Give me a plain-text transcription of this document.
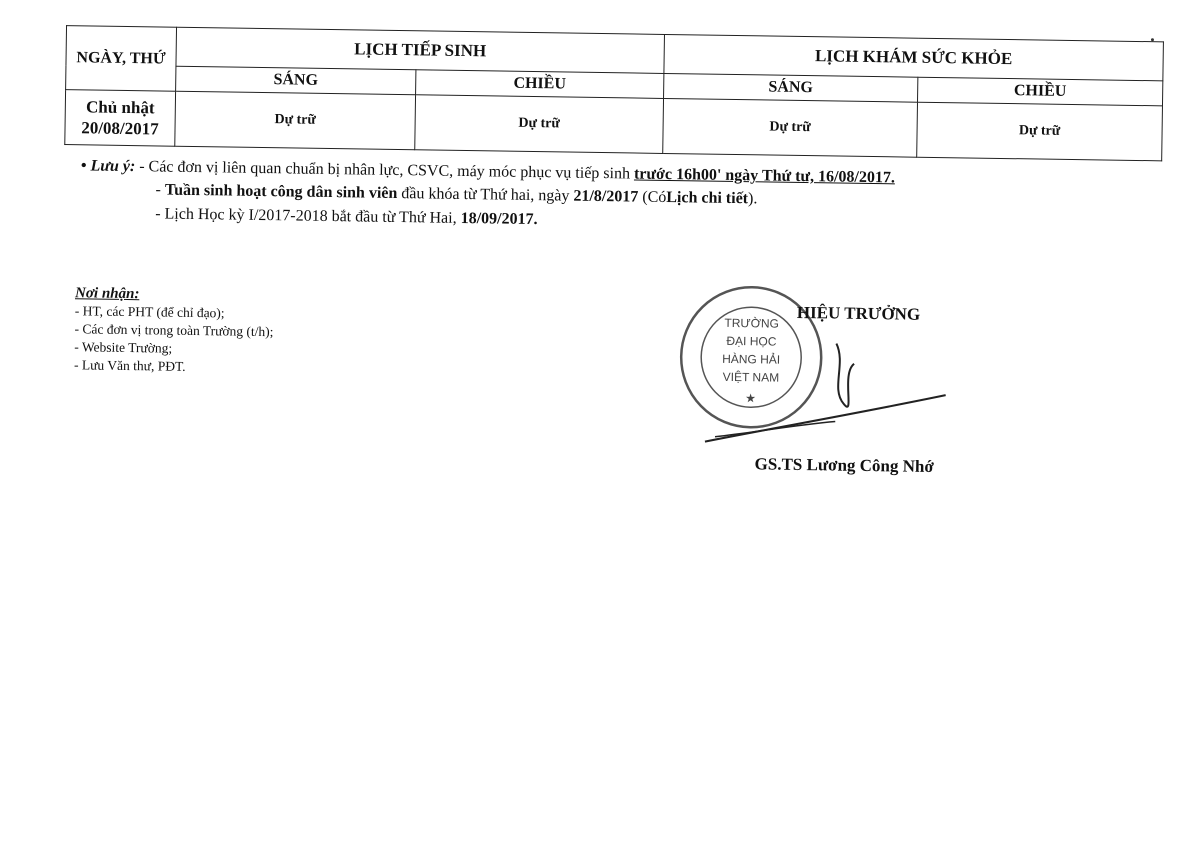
NGÀY, THỨ	LỊCH TIẾP SINH		LỊCH KHÁM SỨC KHỎE	
	SÁNG	CHIỀU	SÁNG	CHIỀU

Chủ nhật
20/08/2017	Dự trữ	Dự trữ	Dự trữ	Dự trữ
• Lưu ý: - Các đơn vị liên quan chuẩn bị nhân lực, CSVC, máy móc phục vụ tiếp sinh trước 16h00' ngày Thứ tư, 16/08/2017.
- Tuần sinh hoạt công dân sinh viên đầu khóa từ Thứ hai, ngày 21/8/2017 (CóLịch chi tiết).
- Lịch Học kỳ I/2017-2018 bắt đầu từ Thứ Hai, 18/09/2017.
Nơi nhận:
- HT, các PHT (để chỉ đạo);
- Các đơn vị trong toàn Trường (t/h);
- Website Trường;
- Lưu Văn thư, PĐT.
TRƯỜNG
ĐẠI HỌC
HÀNG HẢI
VIỆT NAM
★
HIỆU TRƯỞNG
GS.TS Lương Công Nhớ
